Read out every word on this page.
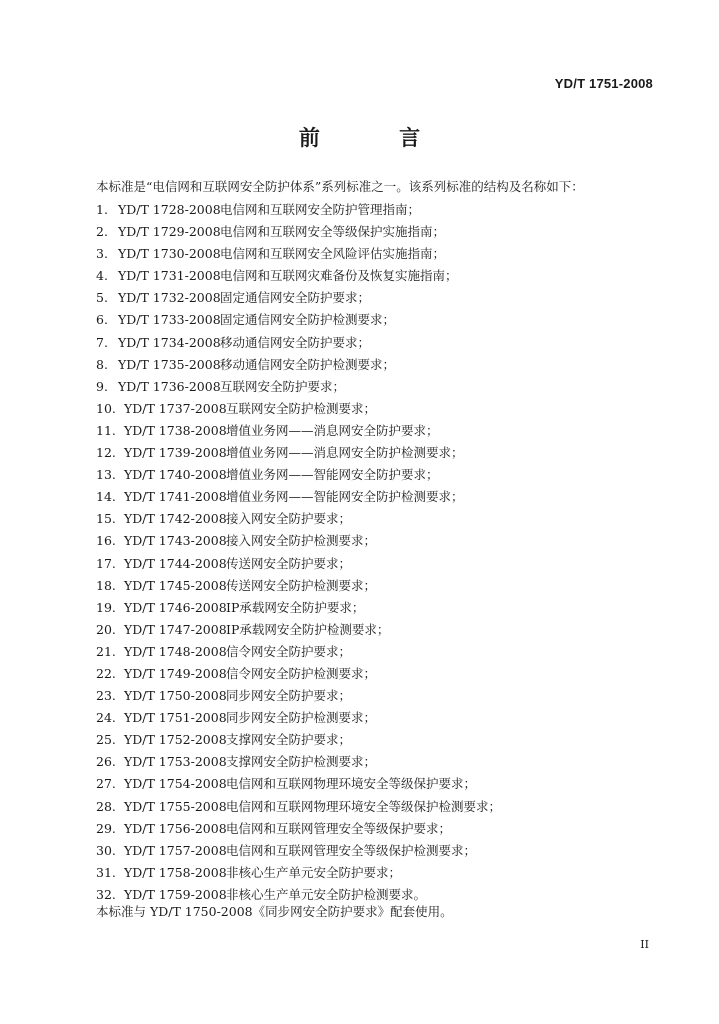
YD/T 1751-2008
前 言
本标准是“电信网和互联网安全防护体系”系列标准之一。该系列标准的结构及名称如下：
1. YD/T 1728-2008 电信网和互联网安全防护管理指南；
2. YD/T 1729-2008 电信网和互联网安全等级保护实施指南；
3. YD/T 1730-2008 电信网和互联网安全风险评估实施指南；
4. YD/T 1731-2008 电信网和互联网灾难备份及恢复实施指南；
5. YD/T 1732-2008 固定通信网安全防护要求；
6. YD/T 1733-2008 固定通信网安全防护检测要求；
7. YD/T 1734-2008 移动通信网安全防护要求；
8. YD/T 1735-2008 移动通信网安全防护检测要求；
9. YD/T 1736-2008 互联网安全防护要求；
10. YD/T 1737-2008 互联网安全防护检测要求；
11. YD/T 1738-2008 增值业务网——消息网安全防护要求；
12. YD/T 1739-2008 增值业务网——消息网安全防护检测要求；
13. YD/T 1740-2008 增值业务网——智能网安全防护要求；
14. YD/T 1741-2008 增值业务网——智能网安全防护检测要求；
15. YD/T 1742-2008 接入网安全防护要求；
16. YD/T 1743-2008 接入网安全防护检测要求；
17. YD/T 1744-2008 传送网安全防护要求；
18. YD/T 1745-2008 传送网安全防护检测要求；
19. YD/T 1746-2008 IP承载网安全防护要求；
20. YD/T 1747-2008 IP承载网安全防护检测要求；
21. YD/T 1748-2008 信令网安全防护要求；
22. YD/T 1749-2008 信令网安全防护检测要求；
23. YD/T 1750-2008 同步网安全防护要求；
24. YD/T 1751-2008 同步网安全防护检测要求；
25. YD/T 1752-2008 支撑网安全防护要求；
26. YD/T 1753-2008 支撑网安全防护检测要求；
27. YD/T 1754-2008 电信网和互联网物理环境安全等级保护要求；
28. YD/T 1755-2008 电信网和互联网物理环境安全等级保护检测要求；
29. YD/T 1756-2008 电信网和互联网管理安全等级保护要求；
30. YD/T 1757-2008 电信网和互联网管理安全等级保护检测要求；
31. YD/T 1758-2008 非核心生产单元安全防护要求；
32. YD/T 1759-2008 非核心生产单元安全防护检测要求。
本标准与 YD/T 1750-2008《同步网安全防护要求》配套使用。
II
